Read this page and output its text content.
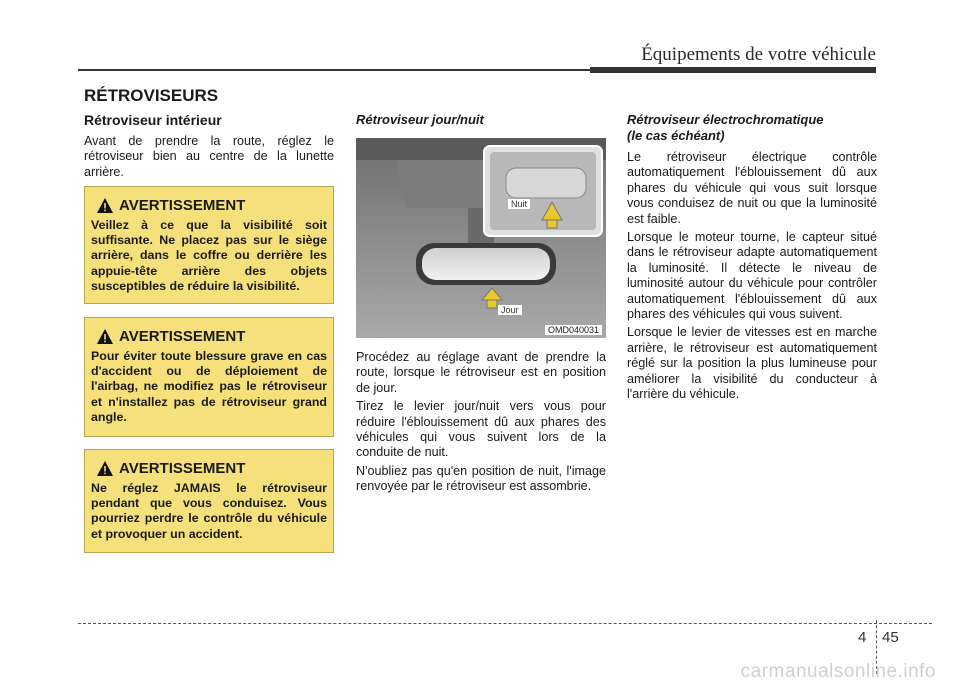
Équipements de votre véhicule
RÉTROVISEURS
Rétroviseur intérieur
Avant de prendre la route, réglez le rétroviseur bien au centre de la lunette arrière.
AVERTISSEMENT
Veillez à ce que la visibilité soit suffisante. Ne placez pas sur le siège arrière, dans le coffre ou derrière les appuie-tête arrière des objets susceptibles de réduire la visibilité.
AVERTISSEMENT
Pour éviter toute blessure grave en cas d'accident ou de déploiement de l'airbag, ne modifiez pas le rétroviseur et n'installez pas de rétroviseur grand angle.
AVERTISSEMENT
Ne réglez JAMAIS le rétroviseur pendant que vous conduisez. Vous pourriez perdre le contrôle du véhicule et provoquer un accident.
Rétroviseur jour/nuit
Nuit
Jour
OMD040031
Procédez au réglage avant de prendre la route, lorsque le rétroviseur est en position de jour.
Tirez le levier jour/nuit vers vous pour réduire l'éblouissement dû aux phares des véhicules qui vous suivent lors de la conduite de nuit.
N'oubliez pas qu'en position de nuit, l'image renvoyée par le rétroviseur est assombrie.
Rétroviseur électrochromatique
(le cas échéant)
Le rétroviseur électrique contrôle automatiquement l'éblouissement dû aux phares du véhicule qui vous suit lorsque vous conduisez de nuit ou que la luminosité est faible.
Lorsque le moteur tourne, le capteur situé dans le rétroviseur adapte automatiquement la luminosité. Il détecte le niveau de luminosité autour du véhicule pour contrôler automatiquement l'éblouissement dû aux phares des véhicules qui vous suivent.
Lorsque le levier de vitesses est en marche arrière, le rétroviseur est automatiquement réglé sur la position la plus lumineuse pour améliorer la visibilité du conducteur à l'arrière du véhicule.
4 45
carmanualsonline.info
